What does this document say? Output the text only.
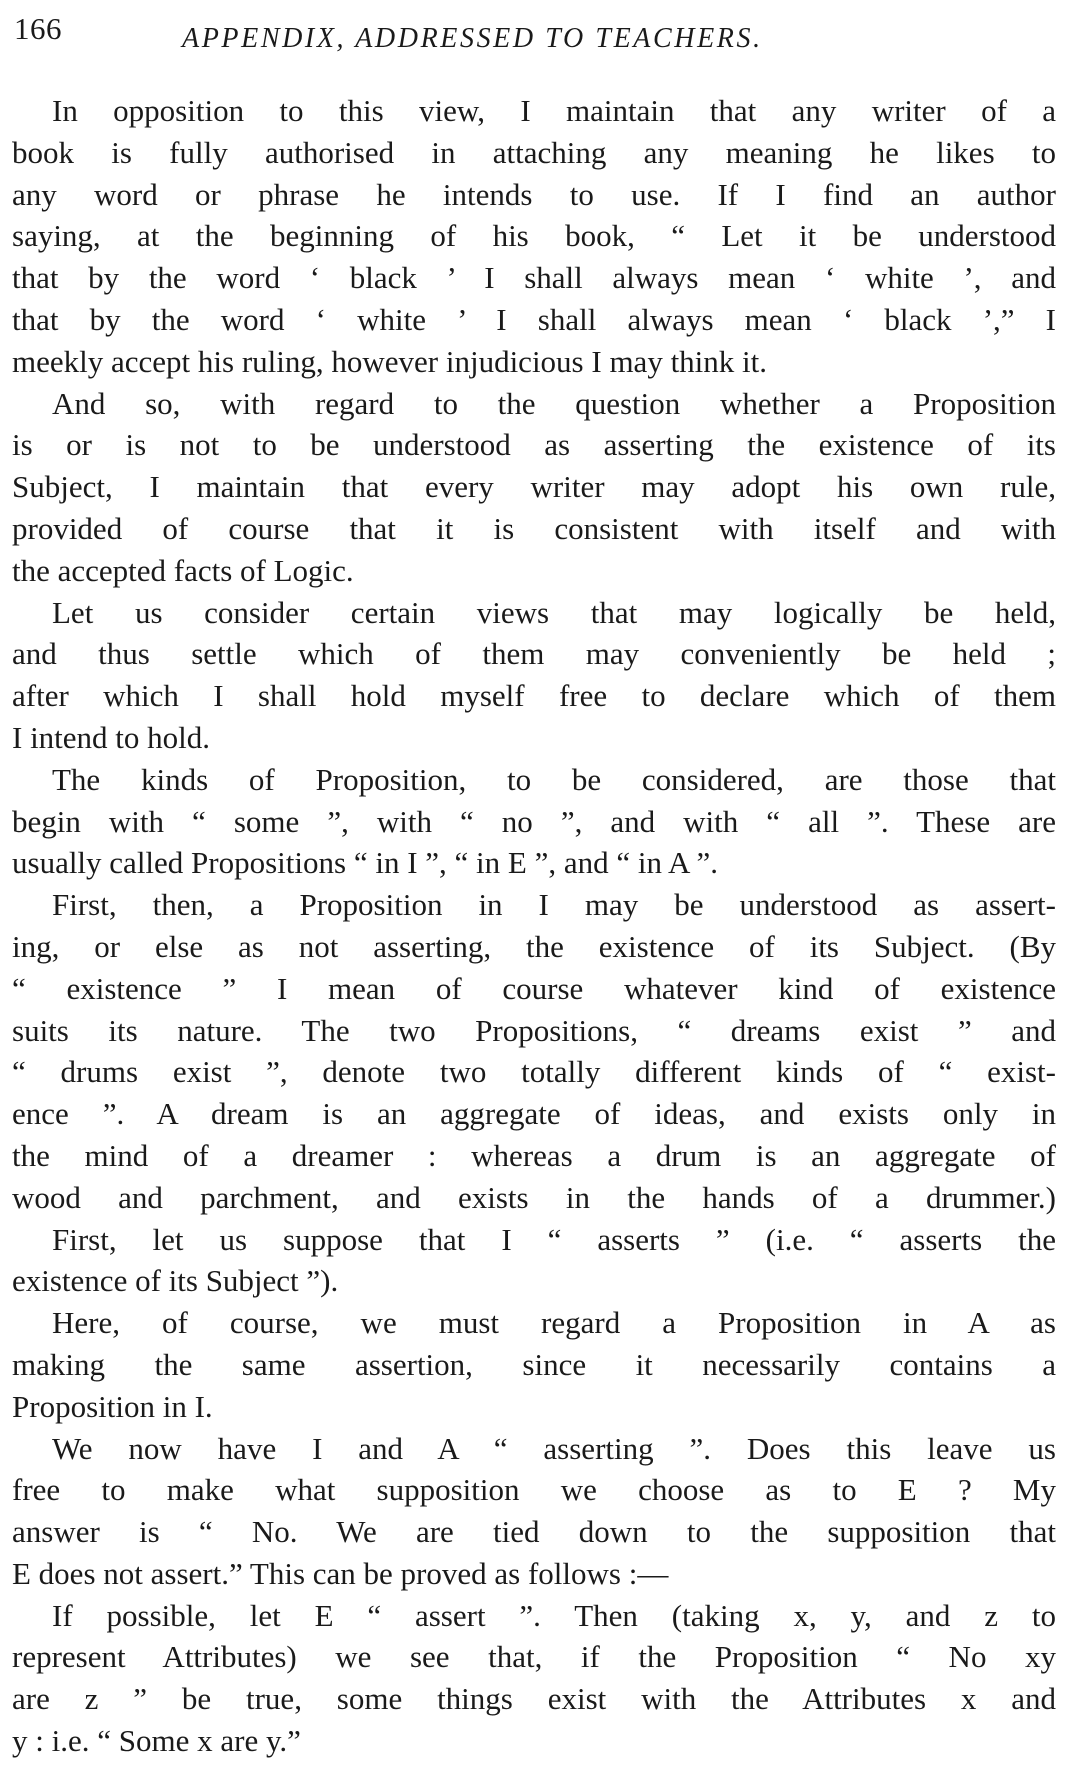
166	APPENDIX, ADDRESSED TO TEACHERS.
In opposition to this view, I maintain that any writer of a
book is fully authorised in attaching any meaning he likes to
any word or phrase he intends to use. If I find an author
saying, at the beginning of his book, “ Let it be understood
that by the word ‘ black ’ I shall always mean ‘ white ’, and
that by the word ‘ white ’ I shall always mean ‘ black ’,” I
meekly accept his ruling, however injudicious I may think it.
And so, with regard to the question whether a Proposition
is or is not to be understood as asserting the existence of its
Subject, I maintain that every writer may adopt his own rule,
provided of course that it is consistent with itself and with
the accepted facts of Logic.
Let us consider certain views that may logically be held,
and thus settle which of them may conveniently be held ;
after which I shall hold myself free to declare which of them
I intend to hold.
The kinds of Proposition, to be considered, are those that
begin with “ some ”, with “ no ”, and with “ all ”. These are
usually called Propositions “ in I ”, “ in E ”, and “ in A ”.
First, then, a Proposition in I may be understood as assert-
ing, or else as not asserting, the existence of its Subject. (By
“ existence ” I mean of course whatever kind of existence
suits its nature. The two Propositions, “ dreams exist ” and
“ drums exist ”, denote two totally different kinds of “ exist-
ence ”. A dream is an aggregate of ideas, and exists only in
the mind of a dreamer : whereas a drum is an aggregate of
wood and parchment, and exists in the hands of a drummer.)
First, let us suppose that I “ asserts ” (i.e. “ asserts the
existence of its Subject ”).
Here, of course, we must regard a Proposition in A as
making the same assertion, since it necessarily contains a
Proposition in I.
We now have I and A “ asserting ”. Does this leave us
free to make what supposition we choose as to E ? My
answer is “ No. We are tied down to the supposition that
E does not assert.” This can be proved as follows :—
If possible, let E “ assert ”. Then (taking x, y, and z to
represent Attributes) we see that, if the Proposition “ No xy
are z ” be true, some things exist with the Attributes x and
y : i.e. “ Some x are y.”
